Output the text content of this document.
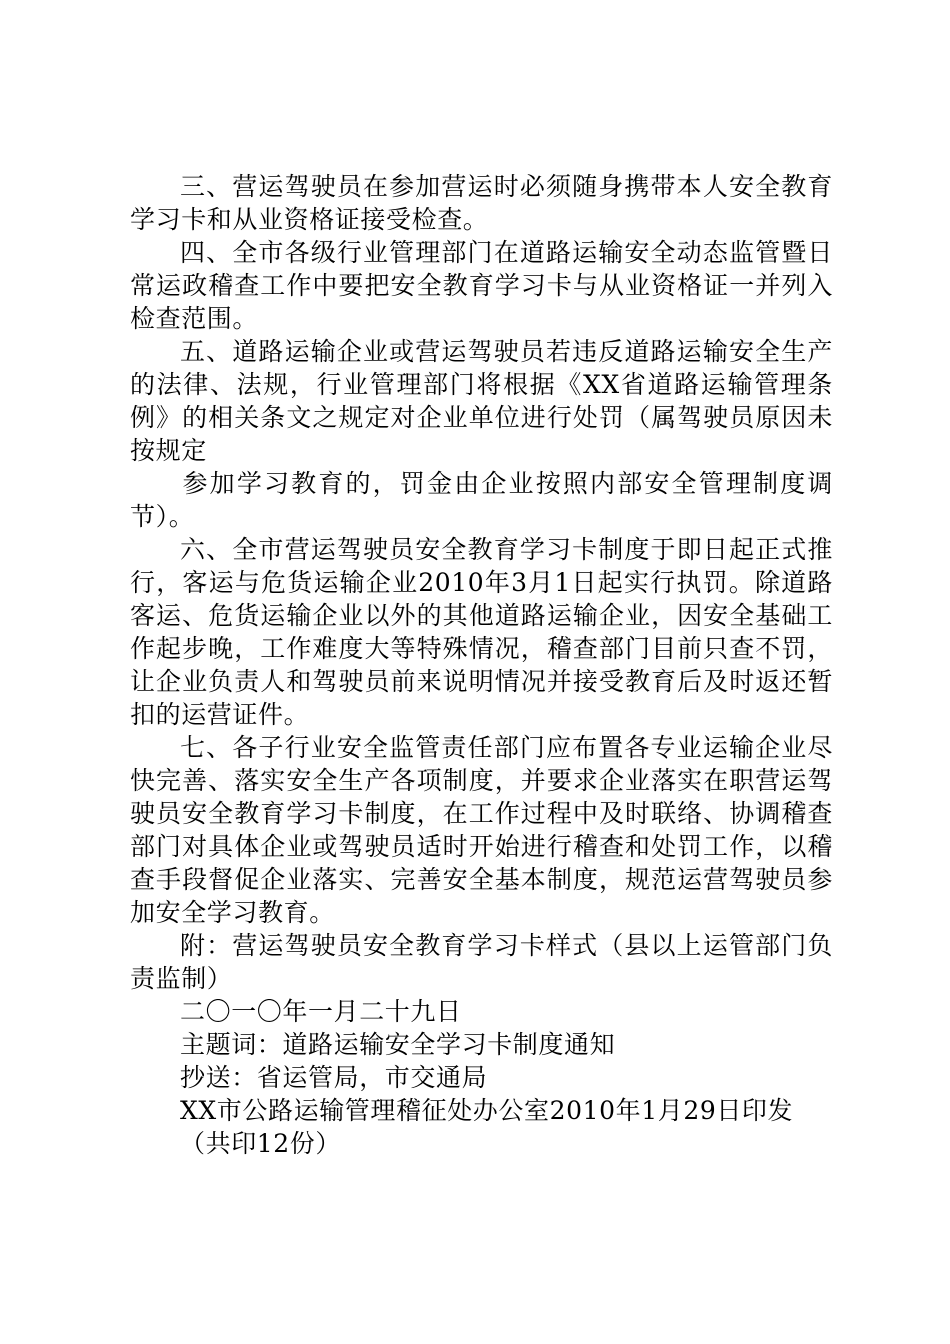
三、营运驾驶员在参加营运时必须随身携带本人安全教育学习卡和从业资格证接受检查。

四、全市各级行业管理部门在道路运输安全动态监管暨日常运政稽查工作中要把安全教育学习卡与从业资格证一并列入检查范围。

五、道路运输企业或营运驾驶员若违反道路运输安全生产的法律、法规，行业管理部门将根据《XX省道路运输管理条例》的相关条文之规定对企业单位进行处罚（属驾驶员原因未按规定

参加学习教育的，罚金由企业按照内部安全管理制度调节）。

六、全市营运驾驶员安全教育学习卡制度于即日起正式推行，客运与危货运输企业2010年3月1日起实行执罚。除道路客运、危货运输企业以外的其他道路运输企业，因安全基础工作起步晚，工作难度大等特殊情况，稽查部门目前只查不罚，让企业负责人和驾驶员前来说明情况并接受教育后及时返还暂扣的运营证件。

七、各子行业安全监管责任部门应布置各专业运输企业尽快完善、落实安全生产各项制度，并要求企业落实在职营运驾驶员安全教育学习卡制度，在工作过程中及时联络、协调稽查部门对具体企业或驾驶员适时开始进行稽查和处罚工作，以稽查手段督促企业落实、完善安全基本制度，规范运营驾驶员参加安全学习教育。

附：营运驾驶员安全教育学习卡样式（县以上运管部门负责监制）

二〇一〇年一月二十九日

主题词：道路运输安全学习卡制度通知

抄送：省运管局，市交通局

XX市公路运输管理稽征处办公室2010年1月29日印发

（共印12份）
